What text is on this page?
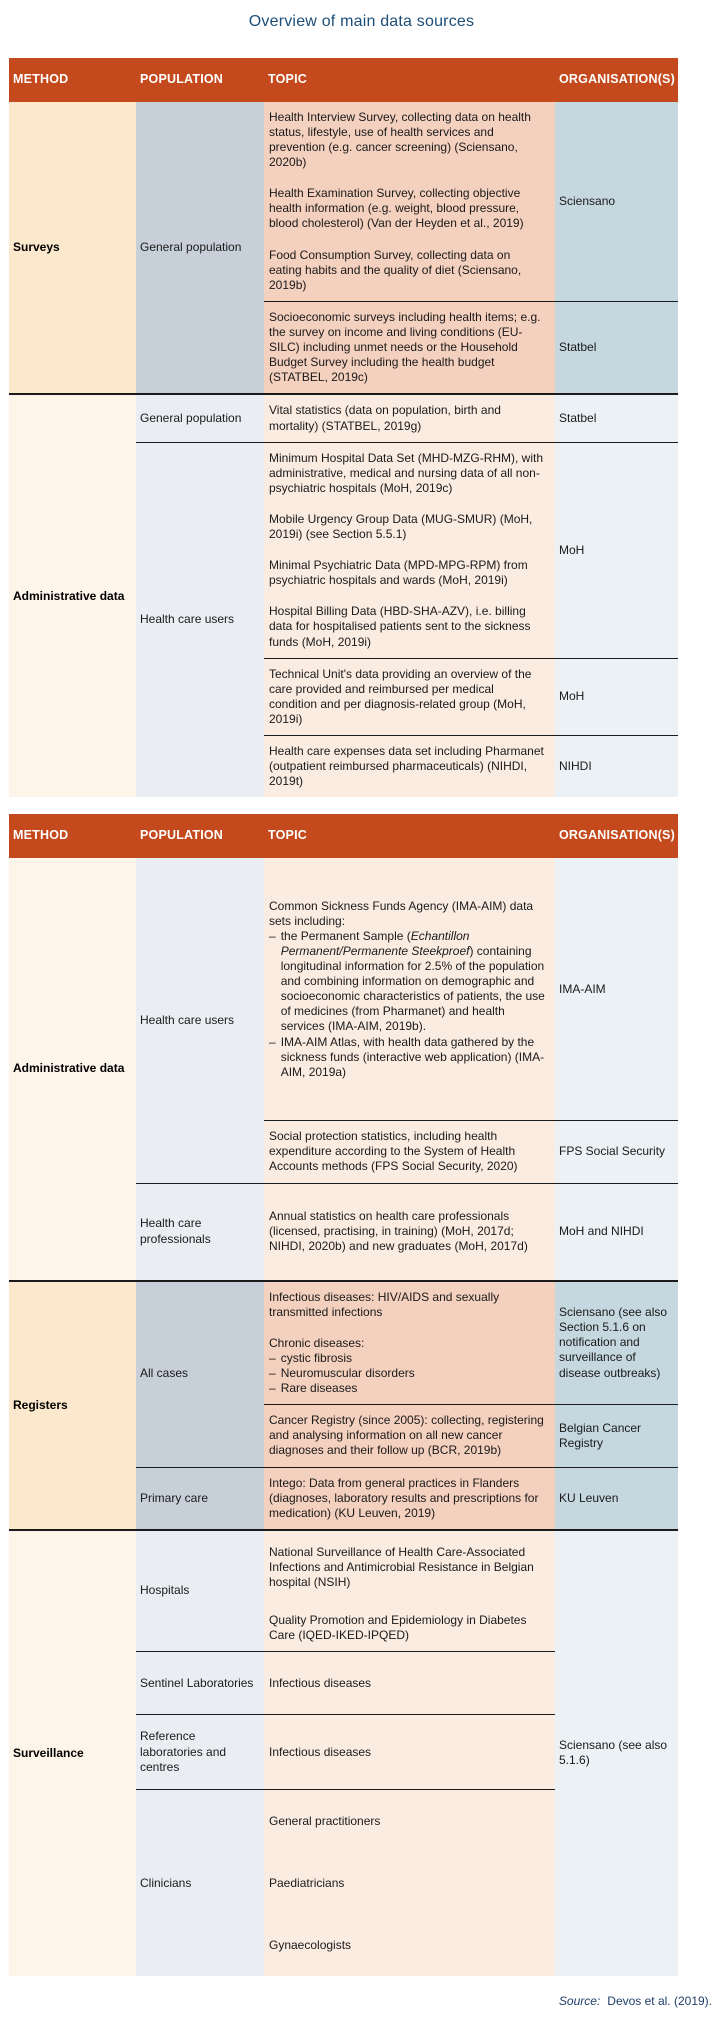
Overview of main data sources
METHOD	POPULATION	TOPIC	ORGANISATION(S)
Surveys	General population	Health Interview Survey, collecting data on health status, lifestyle, use of health services and prevention (e.g. cancer screening) (Sciensano, 2020b)	Sciensano
		Health Examination Survey, collecting objective health information (e.g. weight, blood pressure, blood cholesterol) (Van der Heyden et al., 2019)	
		Food Consumption Survey, collecting data on eating habits and the quality of diet (Sciensano, 2019b)	
		Socioeconomic surveys including health items; e.g. the survey on income and living conditions (EU-SILC) including unmet needs or the Household Budget Survey including the health budget (STATBEL, 2019c)	Statbel
Administrative data	General population	Vital statistics (data on population, birth and mortality) (STATBEL, 2019g)	Statbel
	Health care users	Minimum Hospital Data Set (MHD-MZG-RHM), with administrative, medical and nursing data of all non-psychiatric hospitals (MoH, 2019c)	MoH
		Mobile Urgency Group Data (MUG-SMUR) (MoH, 2019i) (see Section 5.5.1)	
		Minimal Psychiatric Data (MPD-MPG-RPM) from psychiatric hospitals and wards (MoH, 2019i)	
		Hospital Billing Data (HBD-SHA-AZV), i.e. billing data for hospitalised patients sent to the sickness funds (MoH, 2019i)	
		Technical Unit's data providing an overview of the care provided and reimbursed per medical condition and per diagnosis-related group (MoH, 2019i)	MoH
		Health care expenses data set including Pharmanet (outpatient reimbursed pharmaceuticals) (NIHDI, 2019t)	NIHDI
METHOD	POPULATION	TOPIC	ORGANISATION(S)
Administrative data	Health care users	Common Sickness Funds Agency (IMA-AIM) data sets including:

– the Permanent Sample (Echantillon Permanent/Permanente Steekproef) containing longitudinal information for 2.5% of the population and combining information on demographic and socioeconomic characteristics of patients, the use of medicines (from Pharmanet) and health services (IMA-AIM, 2019b).
– IMA-AIM Atlas, with health data gathered by the sickness funds (interactive web application) (IMA-AIM, 2019a)	IMA-AIM
		Social protection statistics, including health expenditure according to the System of Health Accounts methods (FPS Social Security, 2020)	FPS Social Security
	Health care professionals	Annual statistics on health care professionals (licensed, practising, in training) (MoH, 2017d; NIHDI, 2020b) and new graduates (MoH, 2017d)	MoH and NIHDI
Registers	All cases	Infectious diseases: HIV/AIDS and sexually transmitted infections	Sciensano (see also Section 5.1.6 on notification and surveillance of disease outbreaks)

Chronic diseases:

– cystic fibrosis
– Neuromuscular disorders
– Rare diseases

		Cancer Registry (since 2005): collecting, registering and analysing information on all new cancer diagnoses and their follow up (BCR, 2019b)	Belgian Cancer Registry
	Primary care	Intego: Data from general practices in Flanders (diagnoses, laboratory results and prescriptions for medication) (KU Leuven, 2019)	KU Leuven
Surveillance	Hospitals	National Surveillance of Health Care-Associated Infections and Antimicrobial Resistance in Belgian hospital (NSIH)	Sciensano (see also 5.1.6)
		Quality Promotion and Epidemiology in Diabetes Care (IQED-IKED-IPQED)	
	Sentinel Laboratories	Infectious diseases	
	Reference laboratories and centres	Infectious diseases	
	Clinicians	General practitioners	
		Paediatricians	
		Gynaecologists	
Source: Devos et al. (2019).
